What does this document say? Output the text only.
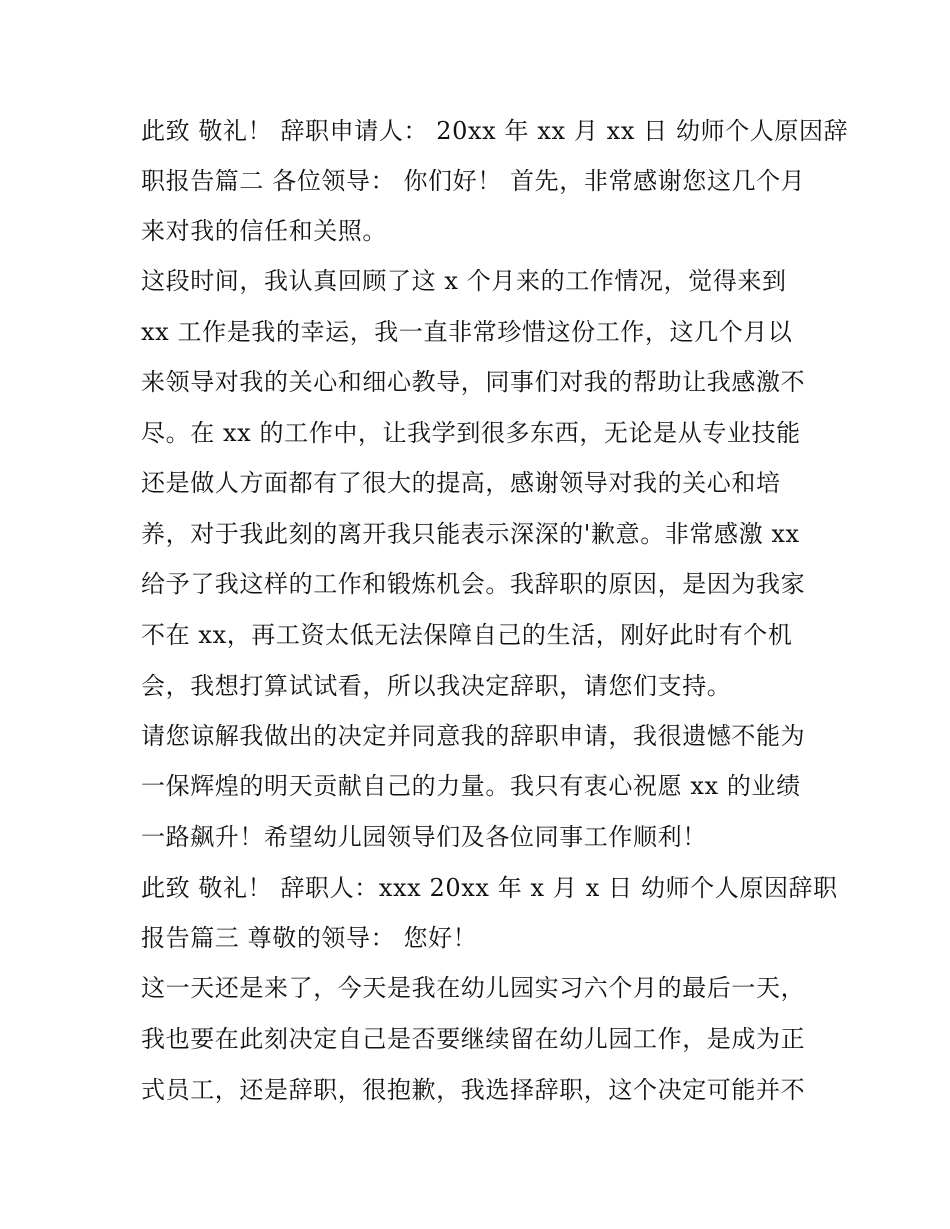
此致 敬礼！ 辞职申请人： 20xx 年 xx 月 xx 日 幼师个人原因辞
职报告篇二 各位领导： 你们好！ 首先，非常感谢您这几个月
来对我的信任和关照。
这段时间，我认真回顾了这 x 个月来的工作情况，觉得来到
xx 工作是我的幸运，我一直非常珍惜这份工作，这几个月以
来领导对我的关心和细心教导，同事们对我的帮助让我感激不
尽。在 xx 的工作中，让我学到很多东西，无论是从专业技能
还是做人方面都有了很大的提高，感谢领导对我的关心和培
养，对于我此刻的离开我只能表示深深的'歉意。非常感激 xx
给予了我这样的工作和锻炼机会。我辞职的原因，是因为我家
不在 xx，再工资太低无法保障自己的生活，刚好此时有个机
会，我想打算试试看，所以我决定辞职，请您们支持。
请您谅解我做出的决定并同意我的辞职申请，我很遗憾不能为
一保辉煌的明天贡献自己的力量。我只有衷心祝愿 xx 的业绩
一路飙升！希望幼儿园领导们及各位同事工作顺利！
此致 敬礼！ 辞职人：xxx 20xx 年 x 月 x 日 幼师个人原因辞职
报告篇三 尊敬的领导： 您好！
这一天还是来了，今天是我在幼儿园实习六个月的最后一天，
我也要在此刻决定自己是否要继续留在幼儿园工作，是成为正
式员工，还是辞职，很抱歉，我选择辞职，这个决定可能并不
